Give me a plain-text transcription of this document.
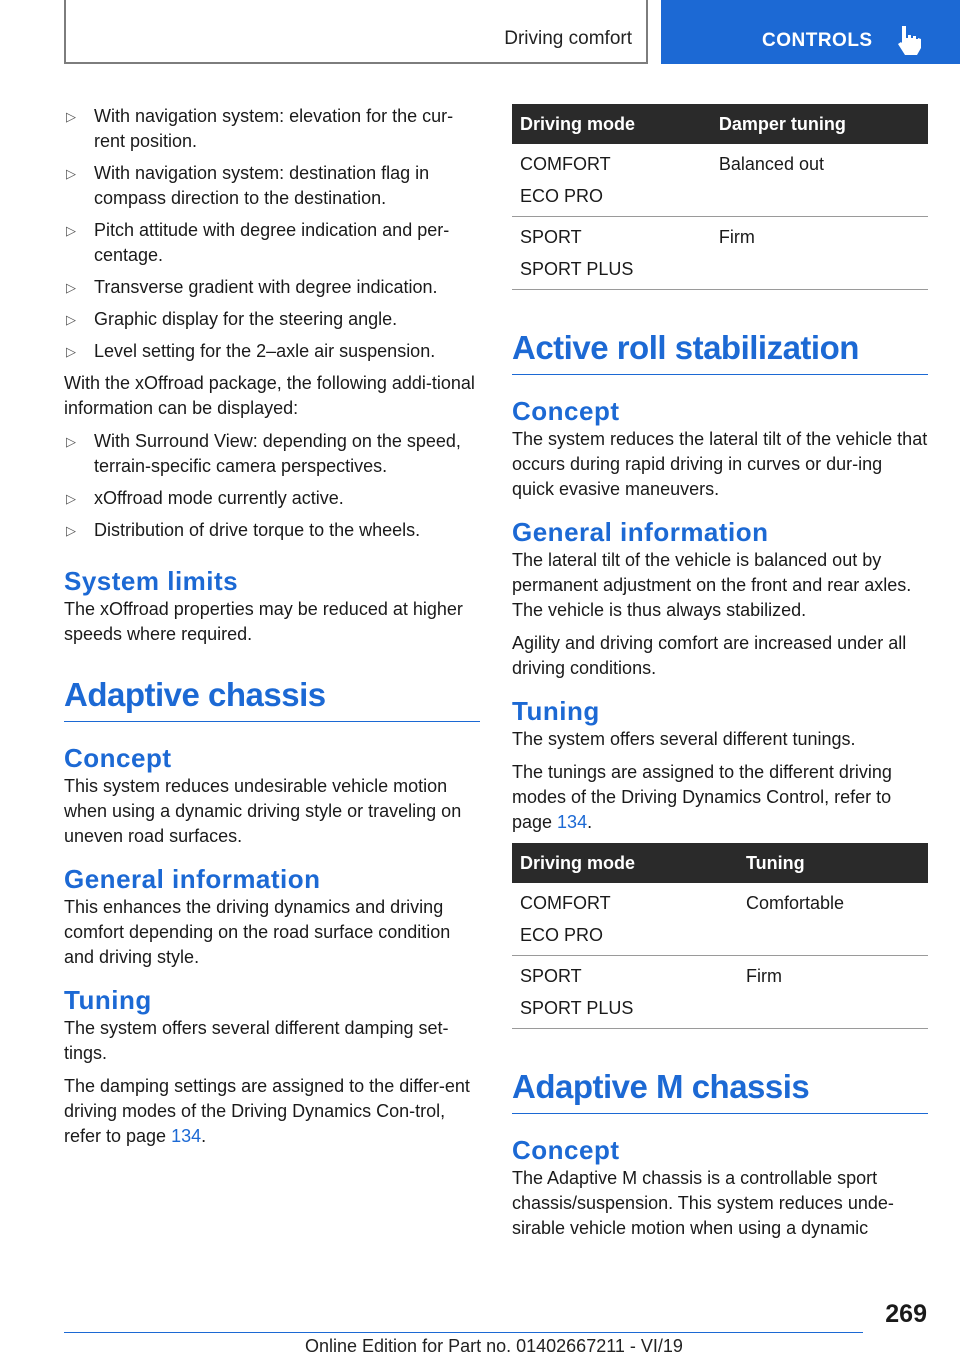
Driving comfort	CONTROLS
▷ With navigation system: elevation for the cur-rent position.
▷ With navigation system: destination flag in compass direction to the destination.
▷ Pitch attitude with degree indication and per-centage.
▷ Transverse gradient with degree indication.
▷ Graphic display for the steering angle.
▷ Level setting for the 2–axle air suspension.

With the xOffroad package, the following addi-tional information can be displayed:

▷ With Surround View: depending on the speed, terrain-specific camera perspectives.
▷ xOffroad mode currently active.
▷ Distribution of drive torque to the wheels.
System limits

The xOffroad properties may be reduced at higher speeds where required.

Adaptive chassis
Concept

This system reduces undesirable vehicle motion when using a dynamic driving style or traveling on uneven road surfaces.

General information

This enhances the driving dynamics and driving comfort depending on the road surface condition and driving style.

Tuning

The system offers several different damping set-tings.

The damping settings are assigned to the differ-ent driving modes of the Driving Dynamics Con-trol, refer to page 134.

Driving mode	Damper tuning

COMFORT
ECO PRO	Balanced out

SPORT
SPORT PLUS	Firm
Active roll stabilization
Concept

The system reduces the lateral tilt of the vehicle that occurs during rapid driving in curves or dur-ing quick evasive maneuvers.

General information

The lateral tilt of the vehicle is balanced out by permanent adjustment on the front and rear axles. The vehicle is thus always stabilized.

Agility and driving comfort are increased under all driving conditions.

Tuning

The system offers several different tunings.

The tunings are assigned to the different driving modes of the Driving Dynamics Control, refer to page 134.

Driving mode	Tuning

COMFORT
ECO PRO	Comfortable

SPORT
SPORT PLUS	Firm
Adaptive M chassis
Concept

The Adaptive M chassis is a controllable sport chassis/suspension. This system reduces unde-sirable vehicle motion when using a dynamic

269
Online Edition for Part no. 01402667211 - VI/19
